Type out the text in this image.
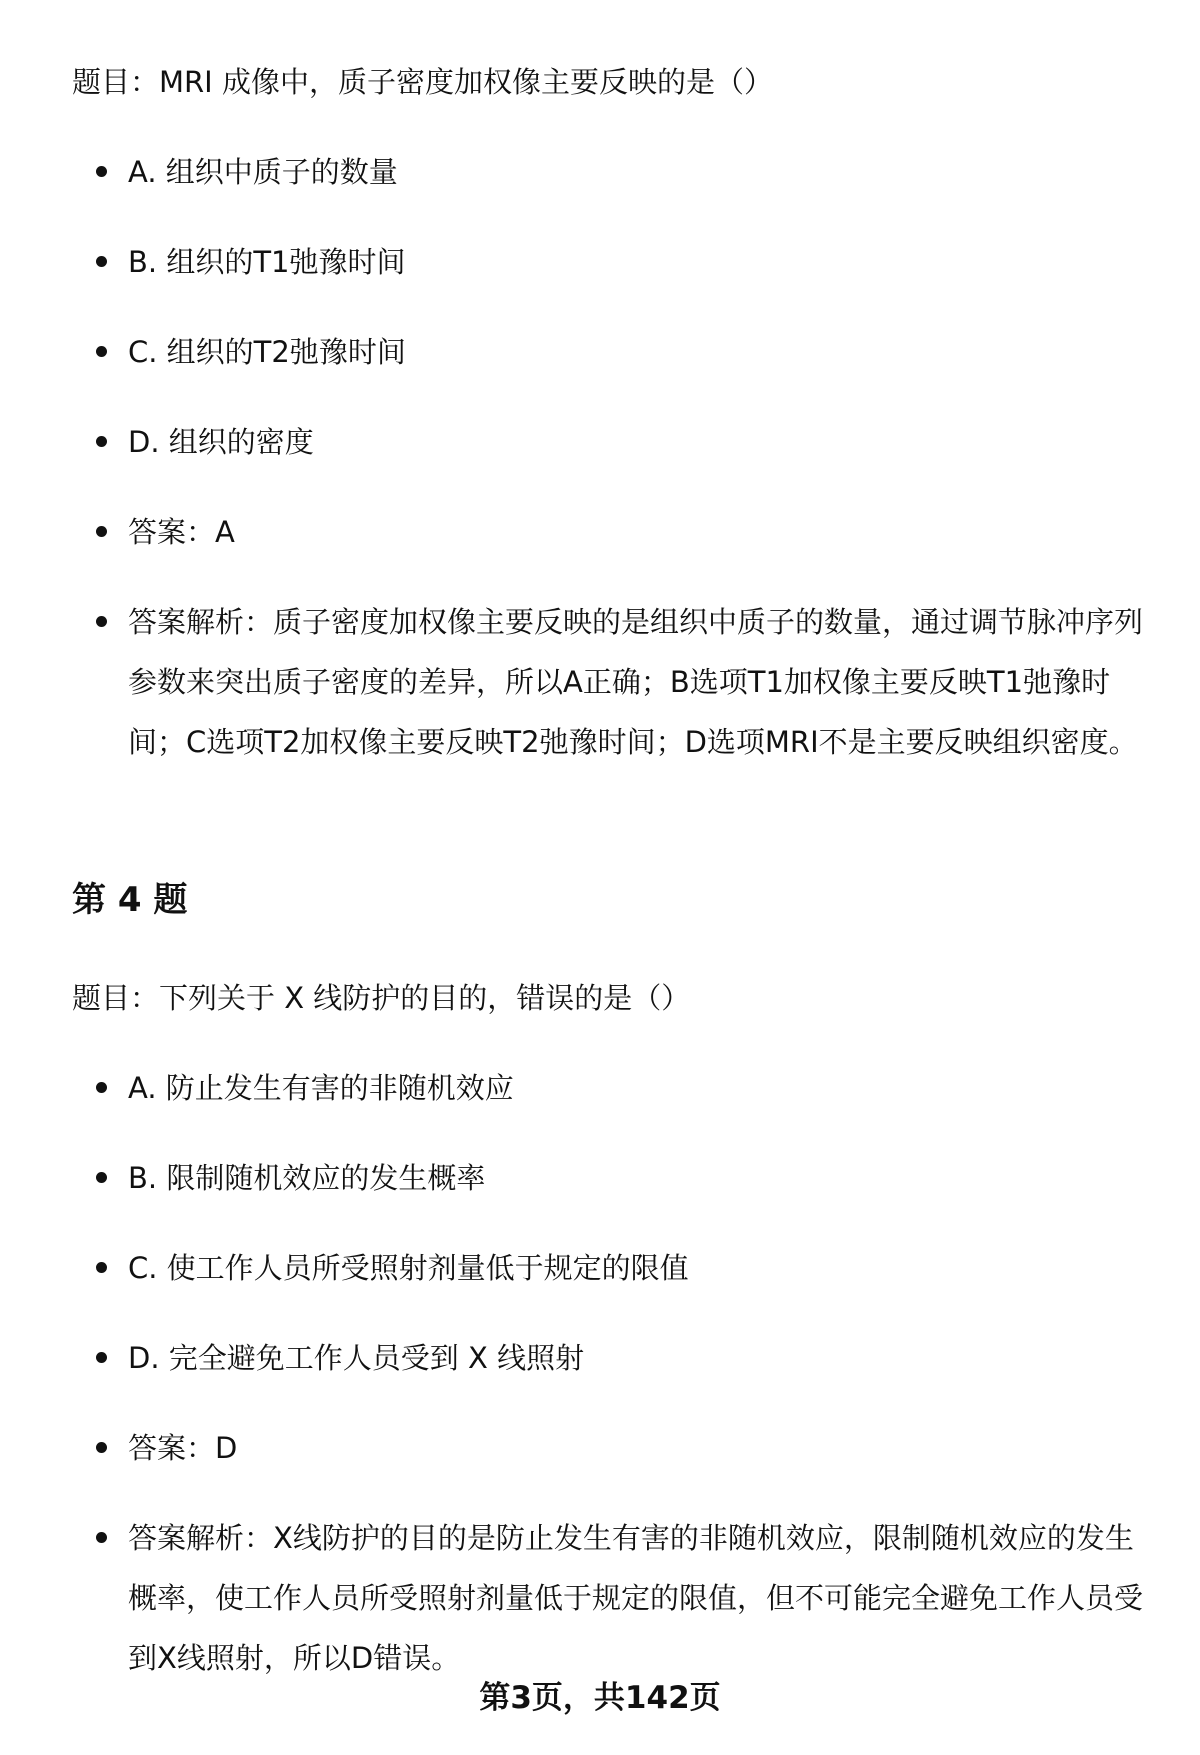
题目：MRI 成像中，质子密度加权像主要反映的是（）
A. 组织中质子的数量
B. 组织的T1弛豫时间
C. 组织的T2弛豫时间
D. 组织的密度
答案：A
答案解析：质子密度加权像主要反映的是组织中质子的数量，通过调节脉冲序列参数来突出质子密度的差异，所以A正确；B选项T1加权像主要反映T1弛豫时间；C选项T2加权像主要反映T2弛豫时间；D选项MRI不是主要反映组织密度。
第 4 题
题目：下列关于 X 线防护的目的，错误的是（）
A. 防止发生有害的非随机效应
B. 限制随机效应的发生概率
C. 使工作人员所受照射剂量低于规定的限值
D. 完全避免工作人员受到 X 线照射
答案：D
答案解析：X线防护的目的是防止发生有害的非随机效应，限制随机效应的发生概率，使工作人员所受照射剂量低于规定的限值，但不可能完全避免工作人员受到X线照射，所以D错误。
第3页，共142页
